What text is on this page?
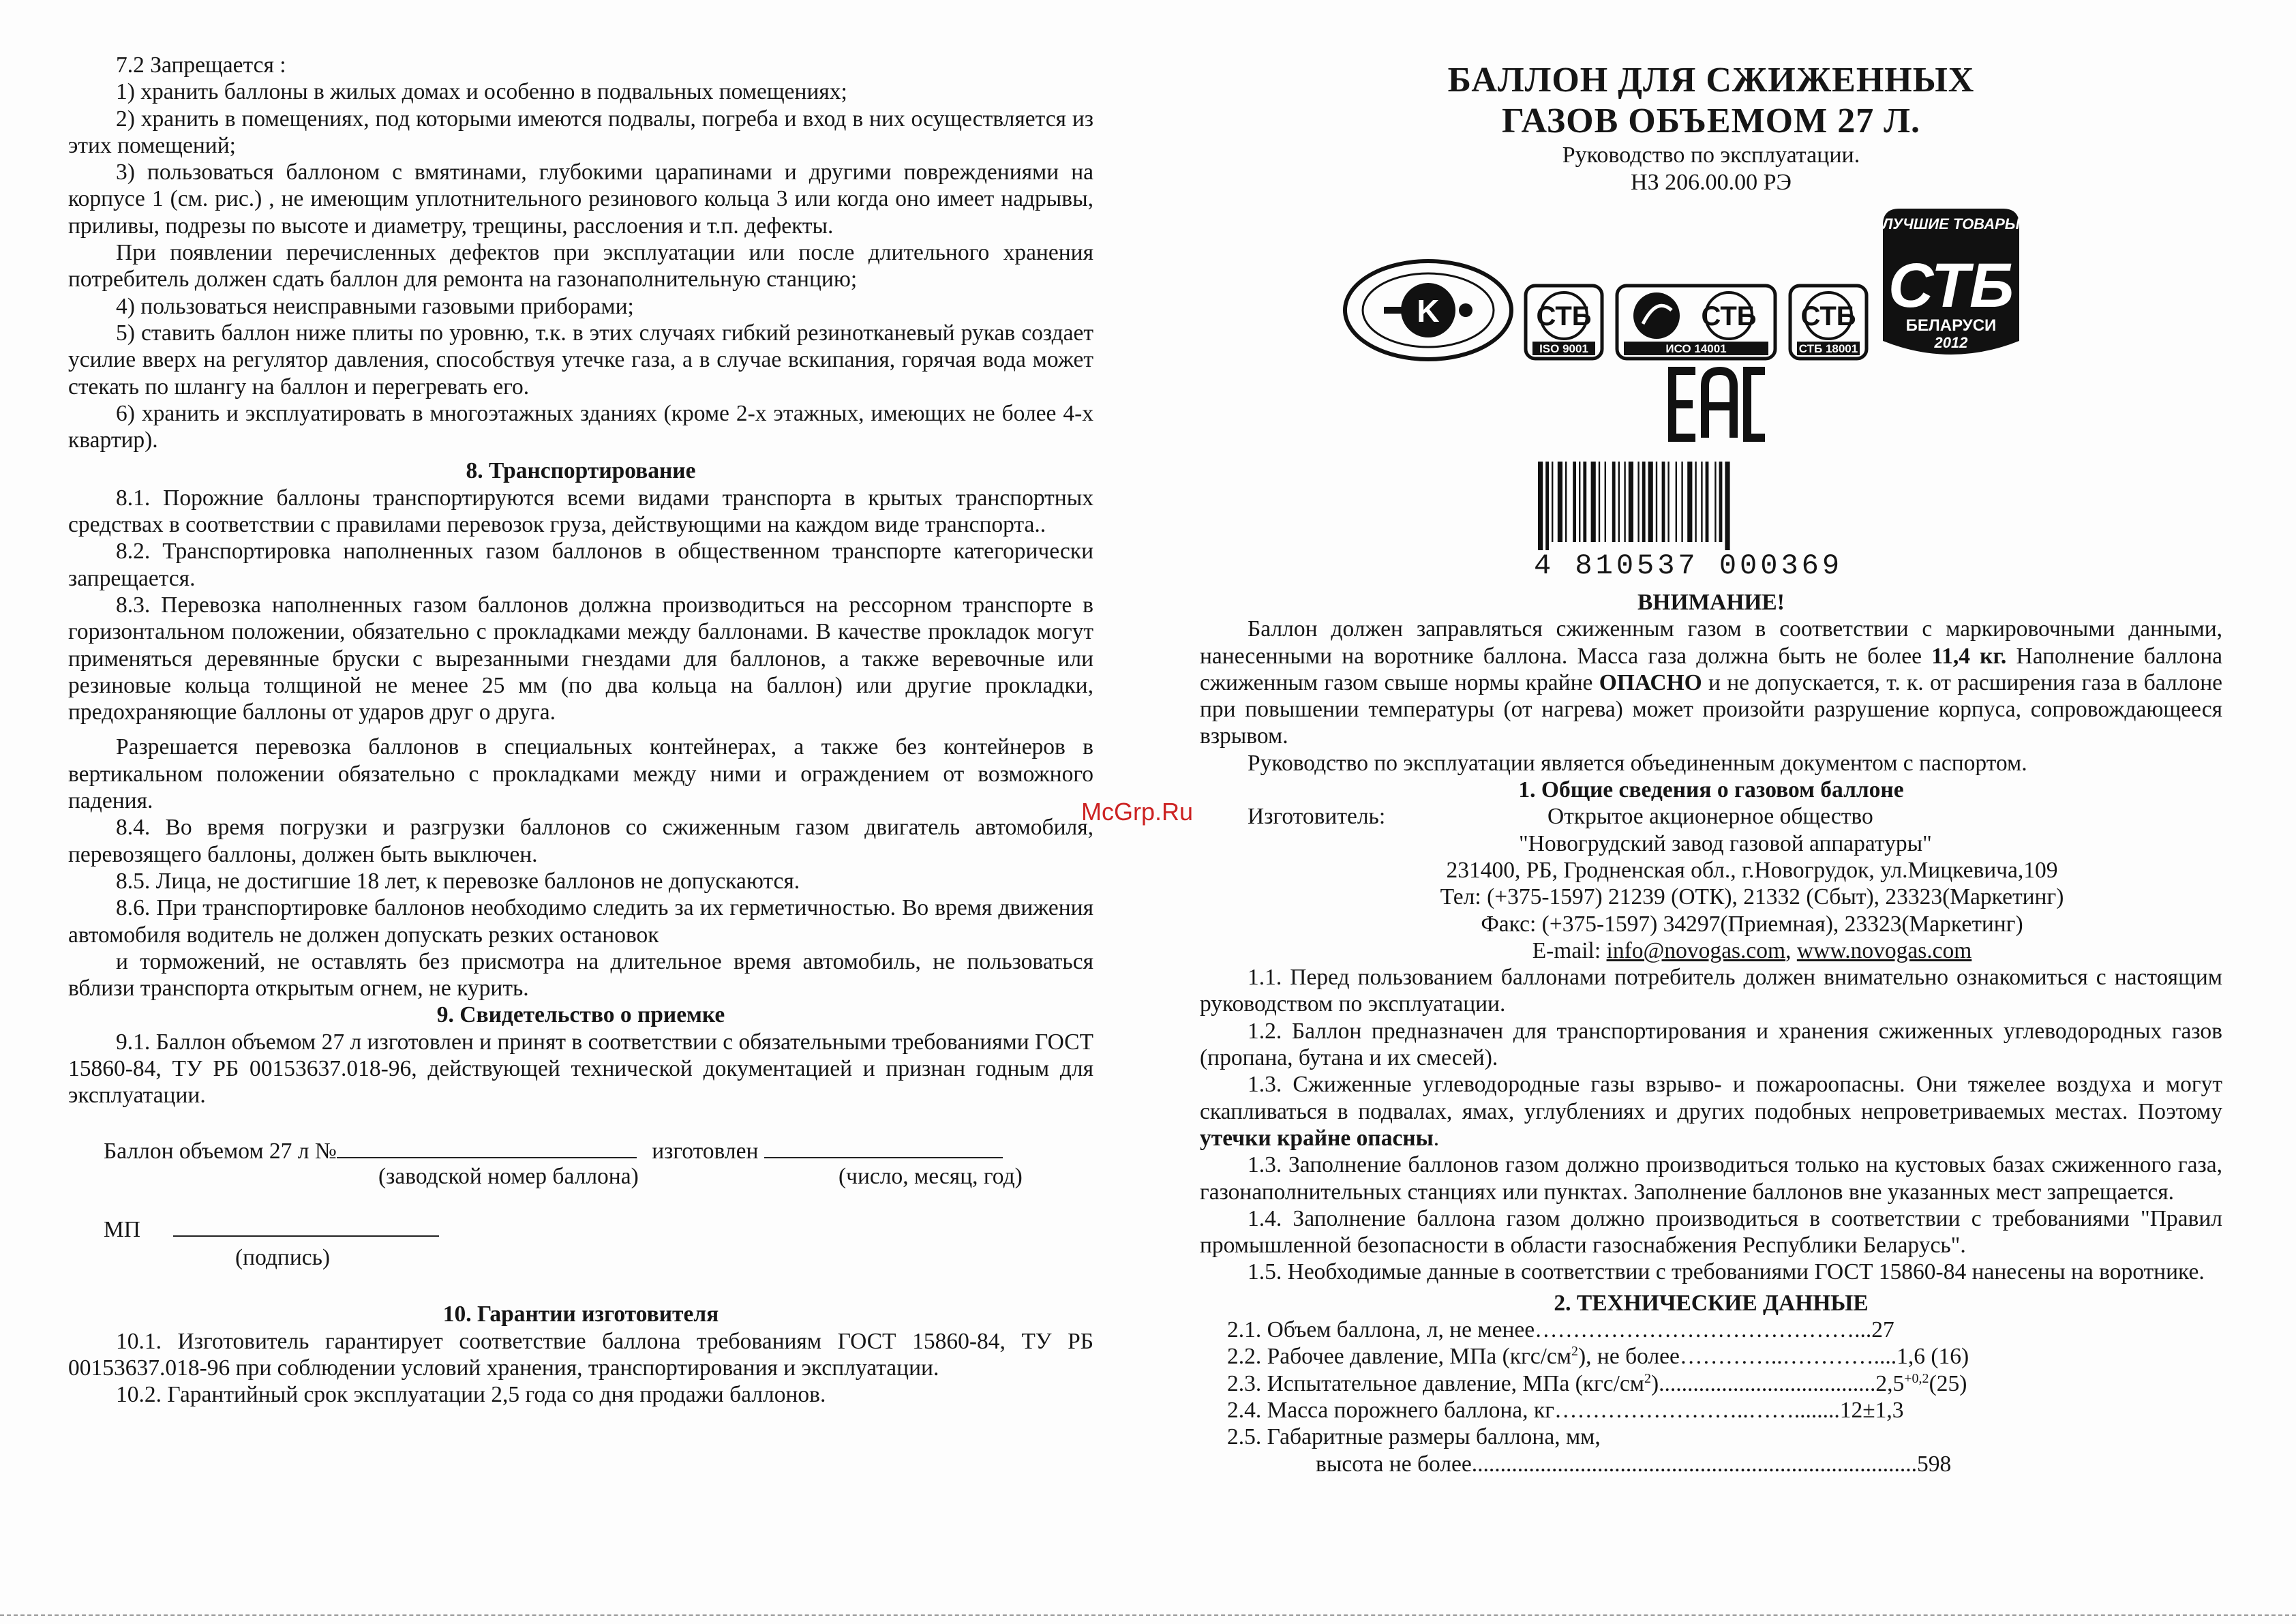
7.2 Запрещается :

1) хранить баллоны в жилых домах и особенно в подвальных помещениях;

2) хранить в помещениях, под которыми имеются подвалы, погреба и вход в них осуществляется из этих помещений;

3) пользоваться баллоном с вмятинами, глубокими царапинами и другими повреждениями на корпусе 1 (см. рис.) , не имеющим уплотнительного резинового кольца 3 или когда оно имеет надрывы, приливы, подрезы по высоте и диаметру, трещины, расслоения и т.п. дефекты.

При появлении перечисленных дефектов при эксплуатации или после длительного хранения потребитель должен сдать баллон для ремонта на газонаполнительную станцию;

4) пользоваться неисправными газовыми приборами;

5) ставить баллон ниже плиты по уровню, т.к. в этих случаях гибкий резинотканевый рукав создает усилие вверх на регулятор давления, способствуя утечке газа, а в случае вскипания, горячая вода может стекать по шлангу на баллон и перегревать его.

6) хранить и эксплуатировать в многоэтажных зданиях (кроме 2-х этажных, имеющих не более 4-х квартир).

8. Транспортирование

8.1. Порожние баллоны транспортируются всеми видами транспорта в крытых транспортных средствах в соответствии с правилами перевозок груза, действующими на каждом виде транспорта..

8.2. Транспортировка наполненных газом баллонов в общественном транспорте категорически запрещается.

8.3. Перевозка наполненных газом баллонов должна производиться на рессорном транспорте в горизонтальном положении, обязательно с прокладками между баллонами. В качестве прокладок могут применяться деревянные бруски с вырезанными гнездами для баллонов, а также веревочные или резиновые кольца толщиной не менее 25 мм (по два кольца на баллон) или другие прокладки, предохраняющие баллоны от ударов друг о друга.

Разрешается перевозка баллонов в специальных контейнерах, а также без контейнеров в вертикальном положении обязательно с прокладками между ними и ограждением от возможного падения.

8.4. Во время погрузки и разгрузки баллонов со сжиженным газом двигатель автомобиля, перевозящего баллоны, должен быть выключен.

8.5. Лица, не достигшие 18 лет, к перевозке баллонов не допускаются.

8.6. При транспортировке баллонов необходимо следить за их герметичностью. Во время движения автомобиля водитель не должен допускать резких остановок

и торможений, не оставлять без присмотра на длительное время автомобиль, не пользоваться вблизи транспорта открытым огнем, не курить.

9. Свидетельство о приемке

9.1. Баллон объемом 27 л изготовлен и принят в соответствии с обязательными требованиями ГОСТ 15860-84, ТУ РБ 00153637.018-96, действующей технической документацией и признан годным для эксплуатации.

Баллон объемом 27 л №	изготовлен
(заводской номер баллона)	(число, месяц, год)
МП
(подпись)

10. Гарантии изготовителя

10.1. Изготовитель гарантирует соответствие баллона требованиям ГОСТ 15860-84, ТУ РБ 00153637.018-96 при соблюдении условий хранения, транспортирования и эксплуатации.

10.2. Гарантийный срок эксплуатации 2,5 года со дня продажи баллонов.

McGrp.Ru

БАЛЛОН ДЛЯ СЖИЖЕННЫХ

ГАЗОВ ОБЪЕМОМ 27 Л.

Руководство по эксплуатации.

НЗ 206.00.00 РЭ

K	СТБ
ISO 9001
СТБ
ИСО 14001
СТБ
СТБ 18001
ЛУЧШИЕ ТОВАРЫ
СТБ
БЕЛАРУСИ
2012
4 810537 000369

ВНИМАНИЕ!

Баллон должен заправляться сжиженным газом в соответствии с маркировочными данными, нанесенными на воротнике баллона. Масса газа должна быть не более 11,4 кг. Наполнение баллона сжиженным газом свыше нормы крайне ОПАСНО и не допускается, т. к. от расширения газа в баллоне при повышении температуры (от нагрева) может произойти разрушение корпуса, сопровождающееся взрывом.

Руководство по эксплуатации является объединенным документом с паспортом.

1. Общие сведения о газовом баллоне

Изготовитель:	Открытое акционерное общество

"Новогрудский завод газовой аппаратуры"

231400, РБ, Гродненская обл., г.Новогрудок, ул.Мицкевича,109

Тел: (+375-1597) 21239 (ОТК), 21332 (Сбыт), 23323(Маркетинг)

Факс: (+375-1597) 34297(Приемная), 23323(Маркетинг)

E-mail: info@novogas.com, www.novogas.com

1.1. Перед пользованием баллонами потребитель должен внимательно ознакомиться с настоящим руководством по эксплуатации.

1.2. Баллон предназначен для транспортирования и хранения сжиженных углеводородных газов (пропана, бутана и их смесей).

1.3. Сжиженные углеводородные газы взрыво- и пожароопасны. Они тяжелее воздуха и могут скапливаться в подвалах, ямах, углублениях и других подобных непроветриваемых местах. Поэтому утечки крайне опасны.

1.3. Заполнение баллонов газом должно производиться только на кустовых базах сжиженного газа, газонаполнительных станциях или пунктах. Заполнение баллонов вне указанных мест запрещается.

1.4. Заполнение баллона газом должно производиться в соответствии с требованиями "Правил промышленной безопасности в области газоснабжения Республики Беларусь".

1.5. Необходимые данные в соответствии с требованиями ГОСТ 15860-84 нанесены на воротнике.

2. ТЕХНИЧЕСКИЕ ДАННЫЕ

2.1. Объем баллона, л, не менее……………………………………...27

2.2. Рабочее давление, МПа $(кгс/см^2)$, не более…………..…………....1,6 (16)

2.3. Испытательное давление, МПа $(кгс/см^2)......................................2,5^{+0,2}(25)$

2.4. Масса порожнего баллона, кг……………………..……........12±1,3

2.5. Габаритные размеры баллона, мм,

высота не более..............................................................................598
